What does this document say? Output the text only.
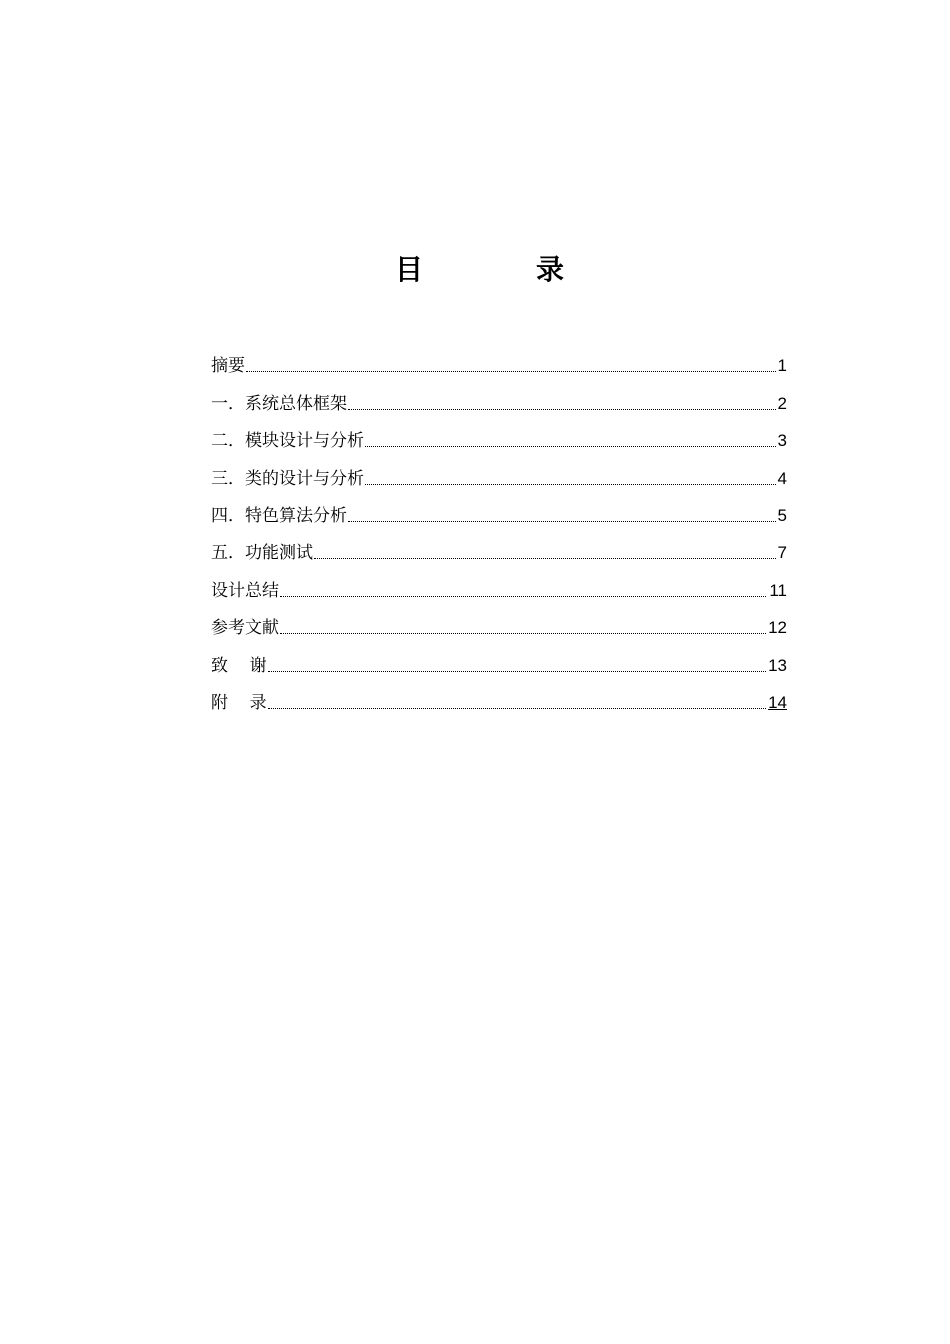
目	录
摘要	1
一．系统总体框架	2
二．模块设计与分析	3
三．类的设计与分析	4
四．特色算法分析	5
五．功能测试	7
设计总结	11
参考文献	12
致    谢	13
附    录	14
